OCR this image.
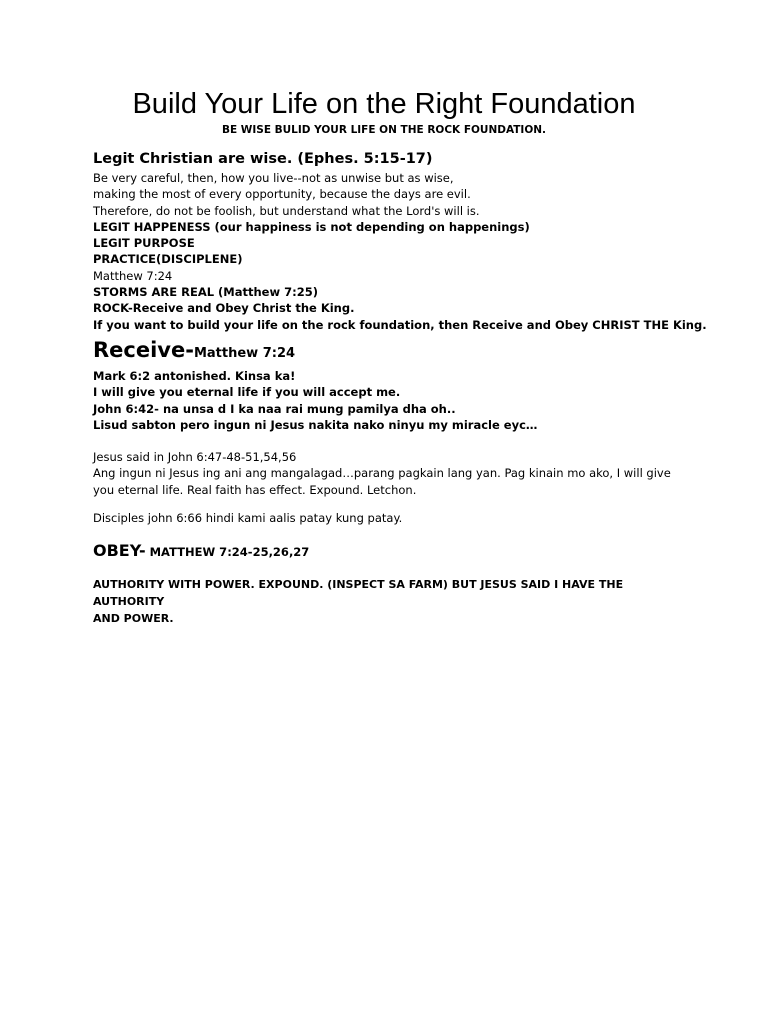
Build Your Life on the Right Foundation
BE WISE BULID YOUR LIFE ON THE ROCK FOUNDATION.
Legit Christian are wise. (Ephes. 5:15-17)
Be very careful, then, how you live--not as unwise but as wise,
making the most of every opportunity, because the days are evil.
Therefore, do not be foolish, but understand what the Lord's will is.
LEGIT HAPPENESS (our happiness is not depending on happenings)
LEGIT PURPOSE
PRACTICE(DISCIPLENE)
Matthew 7:24
STORMS ARE REAL (Matthew 7:25)
ROCK-Receive and Obey Christ the King.
If you want to build your life on the rock foundation, then Receive and Obey CHRIST THE King.
Receive-Matthew 7:24
Mark 6:2 antonished. Kinsa ka!
I will give you eternal life if you will accept me.
John 6:42- na unsa d I ka naa rai mung pamilya dha oh..
Lisud sabton pero ingun ni Jesus nakita nako ninyu my miracle eyc…
Jesus said in John 6:47-48-51,54,56
Ang ingun ni Jesus ing ani ang mangalagad…parang pagkain lang yan. Pag kinain mo ako, I will give
you eternal life. Real faith has effect. Expound. Letchon.
Disciples john 6:66 hindi kami aalis patay kung patay.
OBEY- MATTHEW 7:24-25,26,27
AUTHORITY WITH POWER. EXPOUND. (INSPECT SA FARM) BUT JESUS SAID I HAVE THE AUTHORITY
AND POWER.
